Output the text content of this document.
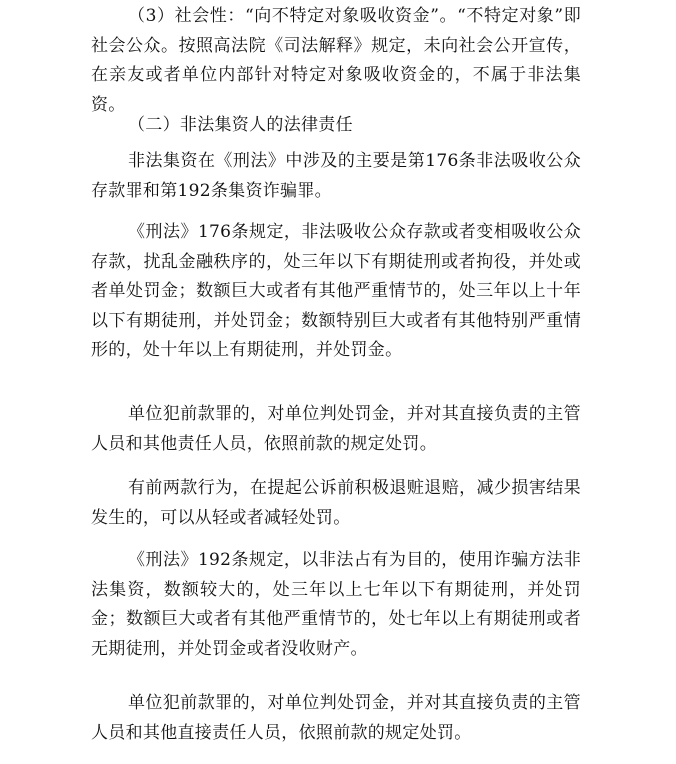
（3）社会性：“向不特定对象吸收资金”。“不特定对象”即社会公众。按照高法院《司法解释》规定，未向社会公开宣传，在亲友或者单位内部针对特定对象吸收资金的，不属于非法集资。

（二）非法集资人的法律责任

非法集资在《刑法》中涉及的主要是第176条非法吸收公众存款罪和第192条集资诈骗罪。

《刑法》176条规定，非法吸收公众存款或者变相吸收公众存款，扰乱金融秩序的，处三年以下有期徒刑或者拘役，并处或者单处罚金；数额巨大或者有其他严重情节的，处三年以上十年以下有期徒刑，并处罚金；数额特别巨大或者有其他特别严重情形的，处十年以上有期徒刑，并处罚金。

单位犯前款罪的，对单位判处罚金，并对其直接负责的主管人员和其他责任人员，依照前款的规定处罚。

有前两款行为，在提起公诉前积极退赃退赔，减少损害结果发生的，可以从轻或者减轻处罚。

《刑法》192条规定，以非法占有为目的，使用诈骗方法非法集资，数额较大的，处三年以上七年以下有期徒刑，并处罚金；数额巨大或者有其他严重情节的，处七年以上有期徒刑或者无期徒刑，并处罚金或者没收财产。

单位犯前款罪的，对单位判处罚金，并对其直接负责的主管人员和其他直接责任人员，依照前款的规定处罚。
